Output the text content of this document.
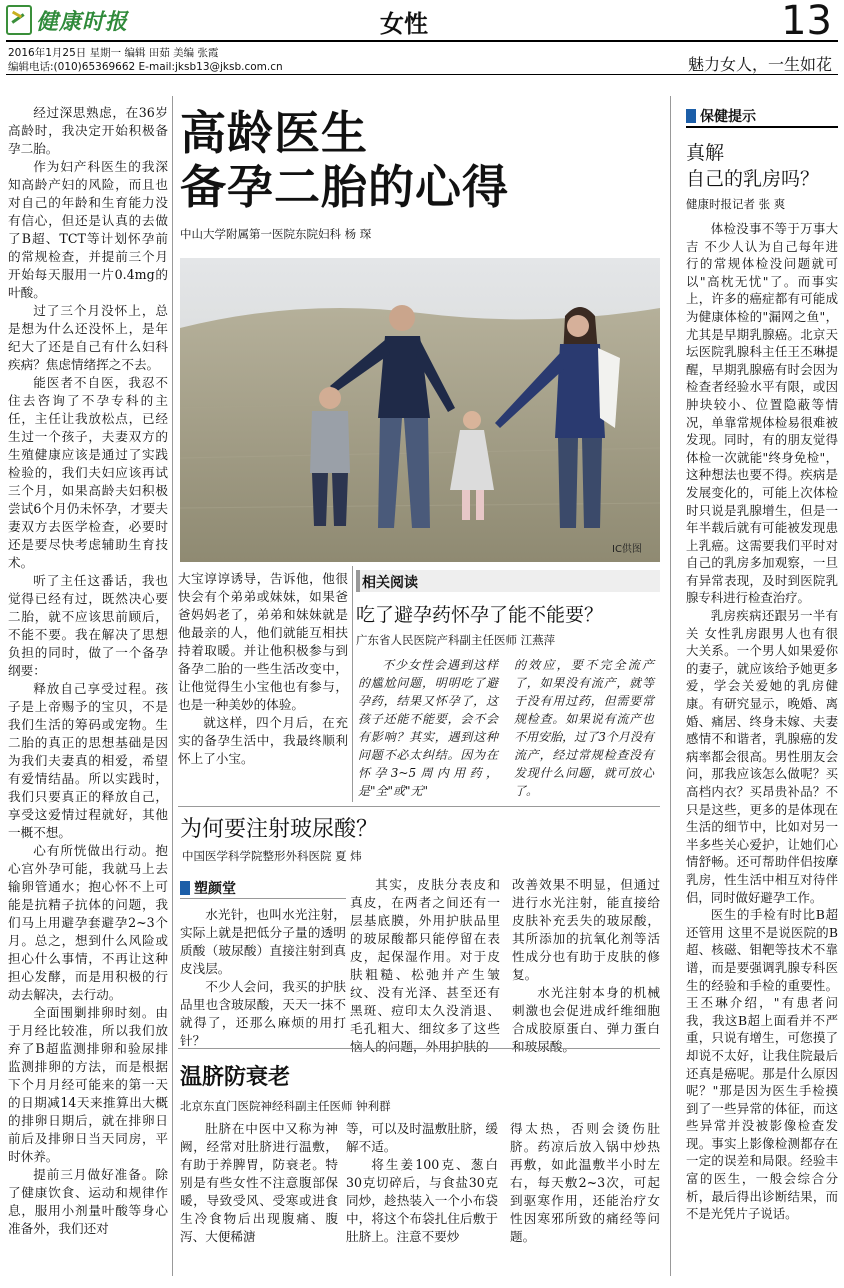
健康时报	女性	13
2016年1月25日 星期一 编辑 田茹 美编 张霞
编辑电话:(010)65369662 E-mail:jksb13@jksb.com.cn	魅力女人，一生如花

经过深思熟虑，在36岁高龄时，我决定开始积极备孕二胎。

作为妇产科医生的我深知高龄产妇的风险，而且也对自己的年龄和生育能力没有信心，但还是认真的去做了B超、TCT等计划怀孕前的常规检查，并提前三个月开始每天服用一片0.4mg的叶酸。

过了三个月没怀上，总是想为什么还没怀上，是年纪大了还是自己有什么妇科疾病？焦虑情绪挥之不去。

能医者不自医，我忍不住去咨询了不孕专科的主任，主任让我放松点，已经生过一个孩子，夫妻双方的生殖健康应该是通过了实践检验的，我们夫妇应该再试三个月，如果高龄夫妇积极尝试6个月仍未怀孕，才要夫妻双方去医学检查，必要时还是要尽快考虑辅助生育技术。

听了主任这番话，我也觉得已经有过，既然决心要二胎，就不应该思前顾后，不能不要。我在解决了思想负担的同时，做了一个备孕纲要：

释放自己享受过程。孩子是上帝赐予的宝贝，不是我们生活的筹码或宠物。生二胎的真正的思想基础是因为我们夫妻真的相爱，希望有爱情结晶。所以实践时，我们只要真正的释放自己，享受这爱情过程就好，其他一概不想。

心有所恍做出行动。抱心宫外孕可能，我就马上去输卵管通水；抱心怀不上可能是抗精子抗体的问题，我们马上用避孕套避孕2~3个月。总之，想到什么风险或担心什么事情，不再让这种担心发酵，而是用积极的行动去解决，去行动。

全面围剿排卵时刻。由于月经比较准，所以我们放弃了B超监测排卵和验尿排监测排卵的方法，而是根据下个月月经可能来的第一天的日期减14天来推算出大概的排卵日期后，就在排卵日前后及排卵日当天同房，平时休养。

提前三月做好准备。除了健康饮食、运动和规律作息，服用小剂量叶酸等身心准备外，我们还对

高龄医生
备孕二胎的心得
中山大学附属第一医院东院妇科 杨 琛
IC供图

大宝谆谆诱导，告诉他，他很快会有个弟弟或妹妹，如果爸爸妈妈老了，弟弟和妹妹就是他最亲的人，他们就能互相扶持着取暖。并让他积极参与到备孕二胎的一些生活改变中，让他觉得生小宝他也有参与，也是一种美妙的体验。

就这样，四个月后，在充实的备孕生活中，我最终顺利怀上了小宝。

相关阅读
吃了避孕药怀孕了能不能要？
广东省人民医院产科副主任医师 江燕萍

不少女性会遇到这样的尴尬问题，明明吃了避孕药，结果又怀孕了，这孩子还能不能要，会不会有影响？其实，遇到这种问题不必太纠结。因为在怀孕3~5周内用药，是"全"或"无"

的效应，要不完全流产了，如果没有流产，就等于没有用过药，但需要常规检查。如果说有流产也不用安胎，过了3个月没有流产，经过常规检查没有发现什么问题，就可放心了。

为何要注射玻尿酸？
中国医学科学院整形外科医院 夏 炜
塑颜堂

水光针，也叫水光注射，实际上就是把低分子量的透明质酸（玻尿酸）直接注射到真皮浅层。

不少人会问，我买的护肤品里也含玻尿酸，天天一抹不就得了，还那么麻烦的用打针？

其实，皮肤分表皮和真皮，在两者之间还有一层基底膜，外用护肤品里的玻尿酸都只能停留在表皮，起保湿作用。对于皮肤粗糙、松弛并产生皱纹、没有光泽、甚至还有黑斑、痘印太久没消退、毛孔粗大、细纹多了这些恼人的问题，外用护肤的

改善效果不明显，但通过进行水光注射，能直接给皮肤补充丢失的玻尿酸，其所添加的抗氧化剂等活性成分也有助于皮肤的修复。

水光注射本身的机械刺激也会促进成纤维细胞合成胶原蛋白、弹力蛋白和玻尿酸。

温脐防衰老
北京东直门医院神经科副主任医师 钟利群

肚脐在中医中又称为神阙，经常对肚脐进行温敷，有助于养脾胃，防衰老。特别是有些女性不注意腹部保暖，导致受风、受寒或进食生冷食物后出现腹痛、腹泻、大便稀溏

等，可以及时温敷肚脐，缓解不适。

将生姜100克、葱白30克切碎后，与食盐30克同炒，趁热装入一个小布袋中，将这个布袋扎住后敷于肚脐上。注意不要炒

得太热，否则会烫伤肚脐。药凉后放入锅中炒热再敷，如此温敷半小时左右，每天敷2~3次，可起到驱寒作用，还能治疗女性因寒邪所致的痛经等问题。

保健提示
真解
自己的乳房吗？
健康时报记者 张 爽

体检没事不等于万事大吉 不少人认为自己每年进行的常规体检没问题就可以"高枕无忧"了。而事实上，许多的癌症都有可能成为健康体检的"漏网之鱼"，尤其是早期乳腺癌。北京天坛医院乳腺科主任王丕琳提醒，早期乳腺癌有时会因为检查者经验水平有限，或因肿块较小、位置隐蔽等情况，单靠常规体检易很难被发现。同时，有的朋友觉得体检一次就能"终身免检"，这种想法也要不得。疾病是发展变化的，可能上次体检时只说是乳腺增生，但是一年半载后就有可能被发现患上乳癌。这需要我们平时对自己的乳房多加观察，一旦有异常表现，及时到医院乳腺专科进行检查治疗。

乳房疾病还跟另一半有关 女性乳房跟男人也有很大关系。一个男人如果爱你的妻子，就应该给予她更多爱，学会关爱她的乳房健康。有研究显示，晚婚、离婚、痛居、终身未嫁、夫妻感情不和谐者，乳腺癌的发病率都会很高。男性朋友会问，那我应该怎么做呢？买高档内衣？买昂贵补品？不只是这些，更多的是体现在生活的细节中，比如对另一半多些关心爱护，让她们心情舒畅。还可帮助伴侣按摩乳房，性生活中相互对待伴侣，同时做好避孕工作。

医生的手检有时比B超还管用 这里不是说医院的B超、核磁、钼靶等技术不靠谱，而是要强调乳腺专科医生的经验和手检的重要性。王丕琳介绍，"有患者问我，我这B超上面看并不严重，只说有增生，可您摸了却说不太好，让我住院最后还真是癌呢。那是什么原因呢？"那是因为医生手检摸到了一些异常的体征，而这些异常并没被影像检查发现。事实上影像检测都存在一定的误差和局限。经验丰富的医生，一般会综合分析，最后得出诊断结果，而不是光凭片子说话。
